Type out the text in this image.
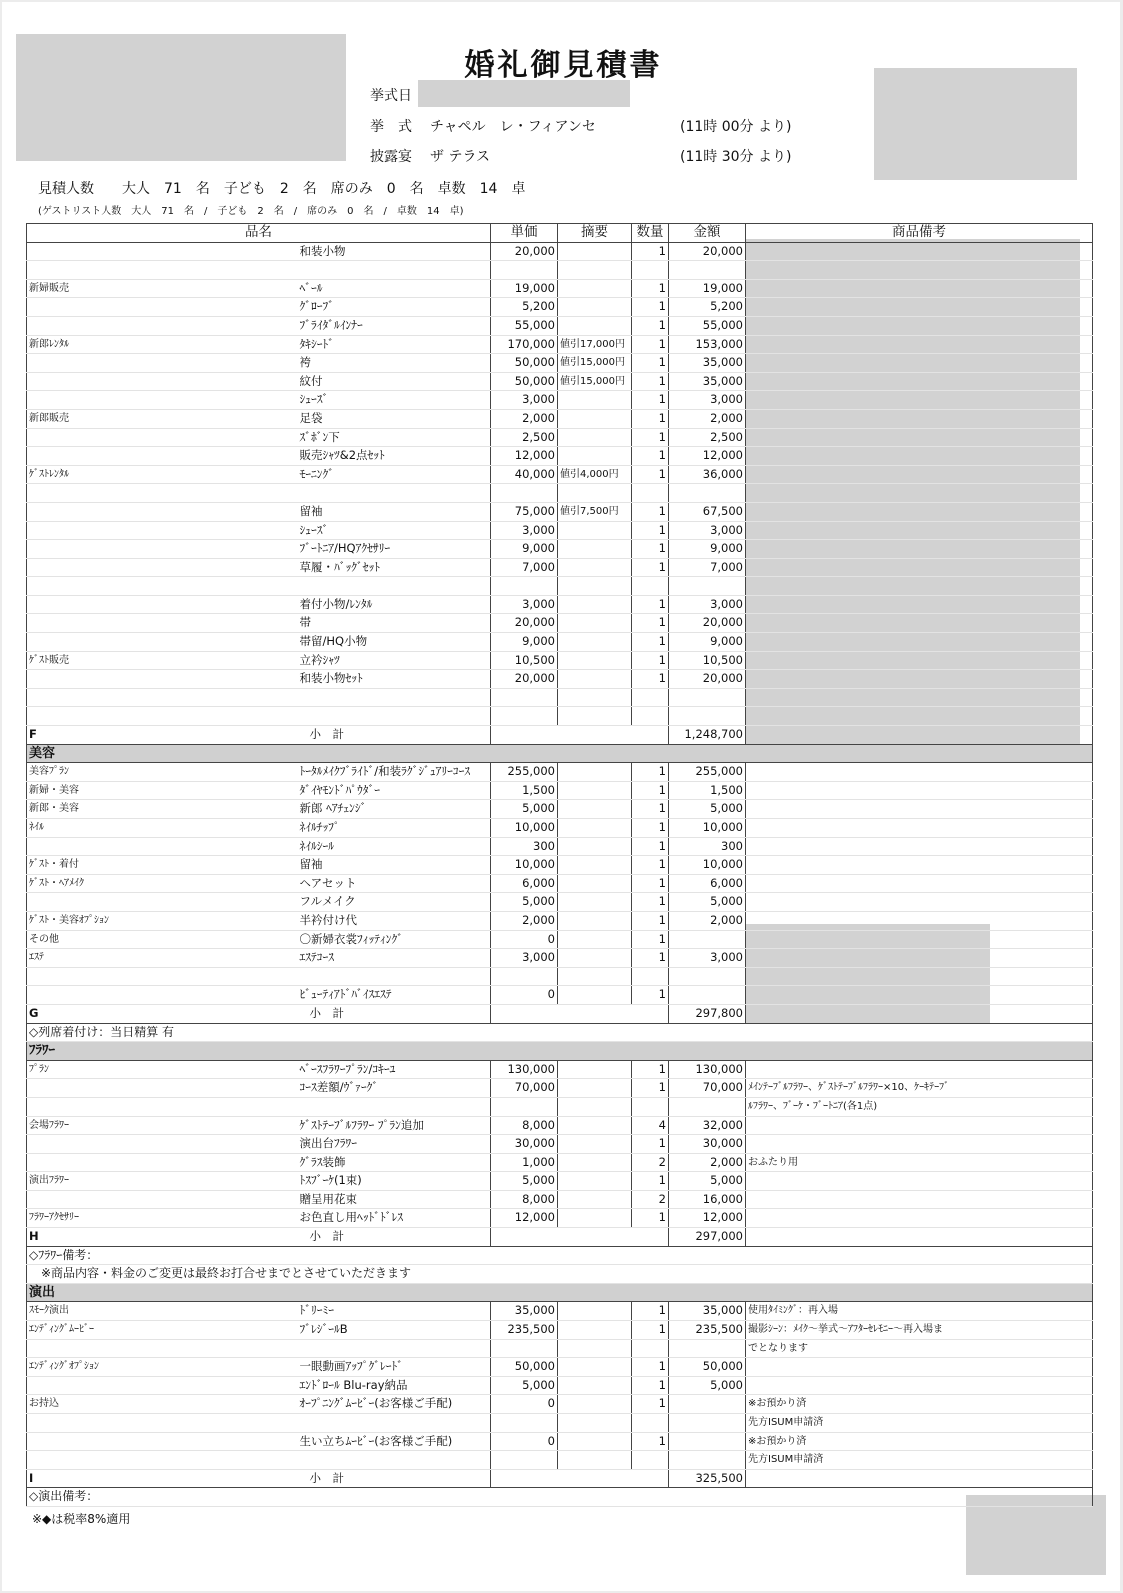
婚礼御見積書
挙式日
挙　式 チャペル　レ・フィアンセ	(11時 00分 より)
披露宴 ザ テラス	(11時 30分 より)
見積人数　　大人　71　名　子ども　2　名　席のみ　0　名　卓数　14　卓
(ゲストリスト人数　大人　71　名　/　子ども　2　名　/　席のみ　0　名　/　卓数　14　卓)
品名		単価	摘要	数量	金額	商品備考
	和装小物	20,000		1	20,000	

新婦販売	ﾍﾞｰﾙ	19,000		1	19,000	
	ｸﾞﾛｰﾌﾞ	5,200		1	5,200	
	ﾌﾞﾗｲﾀﾞﾙｲﾝﾅｰ	55,000		1	55,000	
新郎ﾚﾝﾀﾙ	ﾀｷｼｰﾄﾞ	170,000	値引17,000円	1	153,000	
	袴	50,000	値引15,000円	1	35,000	
	紋付	50,000	値引15,000円	1	35,000	
	ｼｭｰｽﾞ	3,000		1	3,000	
新郎販売	足袋	2,000		1	2,000	
	ｽﾞﾎﾞﾝ下	2,500		1	2,500	
	販売ｼｬﾂ&2点ｾｯﾄ	12,000		1	12,000	
ｹﾞｽﾄﾚﾝﾀﾙ	ﾓｰﾆﾝｸﾞ	40,000	値引4,000円	1	36,000	

	留袖	75,000	値引7,500円	1	67,500	
	ｼｭｰｽﾞ	3,000		1	3,000	
	ﾌﾞｰﾄﾆｱ/HQｱｸｾｻﾘｰ	9,000		1	9,000	
	草履・ﾊﾞｯｸﾞｾｯﾄ	7,000		1	7,000	

	着付小物/ﾚﾝﾀﾙ	3,000		1	3,000	
	帯	20,000		1	20,000	
	帯留/HQ小物	9,000		1	9,000	
ｹﾞｽﾄ販売	立衿ｼｬﾂ	10,500		1	10,500	
	和装小物ｾｯﾄ	20,000		1	20,000	

F	小　計				1,248,700	
美容						
美容ﾌﾟﾗﾝ	ﾄｰﾀﾙﾒｲｸﾌﾞﾗｲﾄﾞ/和装ﾗｸﾞｼﾞｭｱﾘｰｺｰｽ	255,000		1	255,000	
新婦・美容	ﾀﾞｲﾔﾓﾝﾄﾞﾊﾟｳﾀﾞｰ	1,500		1	1,500	
新郎・美容	新郎 ﾍｱﾁｪﾝｼﾞ	5,000		1	5,000	
ﾈｲﾙ	ﾈｲﾙﾁｯﾌﾟ	10,000		1	10,000	
	ﾈｲﾙｼｰﾙ	300		1	300	
ｹﾞｽﾄ・着付	留袖	10,000		1	10,000	
ｹﾞｽﾄ・ﾍｱﾒｲｸ	ヘアセット	6,000		1	6,000	
	フルメイク	5,000		1	5,000	
ｹﾞｽﾄ・美容ｵﾌﾟｼｮﾝ	半衿付け代	2,000		1	2,000	
その他	〇新婦衣裳ﾌｨｯﾃｨﾝｸﾞ	0		1		
ｴｽﾃ	ｴｽﾃｺｰｽ	3,000		1	3,000	

	ﾋﾞｭｰﾃｨｱﾄﾞﾊﾞｲｽｴｽﾃ	0		1		
G	小　計				297,800	
◇列席着付け：当日精算 有						
ﾌﾗﾜｰ						
ﾌﾟﾗﾝ	ﾍﾞｰｽﾌﾗﾜｰﾌﾟﾗﾝ/ｺｷｰﾕ	130,000		1	130,000	
	ｺｰｽ差額/ｳﾞｧｰｸﾞ	70,000		1	70,000	ﾒｲﾝﾃｰﾌﾞﾙﾌﾗﾜｰ、ｹﾞｽﾄﾃｰﾌﾞﾙﾌﾗﾜｰ×10、ｹｰｷﾃｰﾌﾞ
						ﾙﾌﾗﾜｰ、ﾌﾞｰｹ・ﾌﾞｰﾄﾆｱ(各1点)
会場ﾌﾗﾜｰ	ｹﾞｽﾄﾃｰﾌﾞﾙﾌﾗﾜｰ ﾌﾟﾗﾝ追加	8,000		4	32,000	
	演出台ﾌﾗﾜｰ	30,000		1	30,000	
	ｸﾞﾗｽ装飾	1,000		2	2,000	おふたり用
演出ﾌﾗﾜｰ	ﾄｽﾌﾞｰｹ(1束)	5,000		1	5,000	
	贈呈用花束	8,000		2	16,000	
ﾌﾗﾜｰｱｸｾｻﾘｰ	お色直し用ﾍｯﾄﾞﾄﾞﾚｽ	12,000		1	12,000	
H	小　計				297,000	
◇ﾌﾗﾜｰ備考：						
　※商品内容・料金のご変更は最終お打合せまでとさせていただきます						
演出						
ｽﾓｰｸ演出	ﾄﾞﾘｰﾐｰ	35,000		1	35,000	使用ﾀｲﾐﾝｸﾞ：再入場
ｴﾝﾃﾞｨﾝｸﾞﾑｰﾋﾞｰ	ﾌﾞﾚｼﾞｰﾙB	235,500		1	235,500	撮影ｼｰﾝ：ﾒｲｸ〜挙式〜ｱﾌﾀｰｾﾚﾓﾆｰ〜再入場ま
						でとなります
ｴﾝﾃﾞｨﾝｸﾞｵﾌﾟｼｮﾝ	一眼動画ｱｯﾌﾟｸﾞﾚｰﾄﾞ	50,000		1	50,000	
	ｴﾝﾄﾞﾛｰﾙ Blu-ray納品	5,000		1	5,000	
お持込	ｵｰﾌﾟﾆﾝｸﾞﾑｰﾋﾞｰ(お客様ご手配)	0		1		※お預かり済
						先方ISUM申請済
	生い立ちﾑｰﾋﾞｰ(お客様ご手配)	0		1		※お預かり済
						先方ISUM申請済
I	小　計				325,500	
◇演出備考：						
※◆は税率8%適用
